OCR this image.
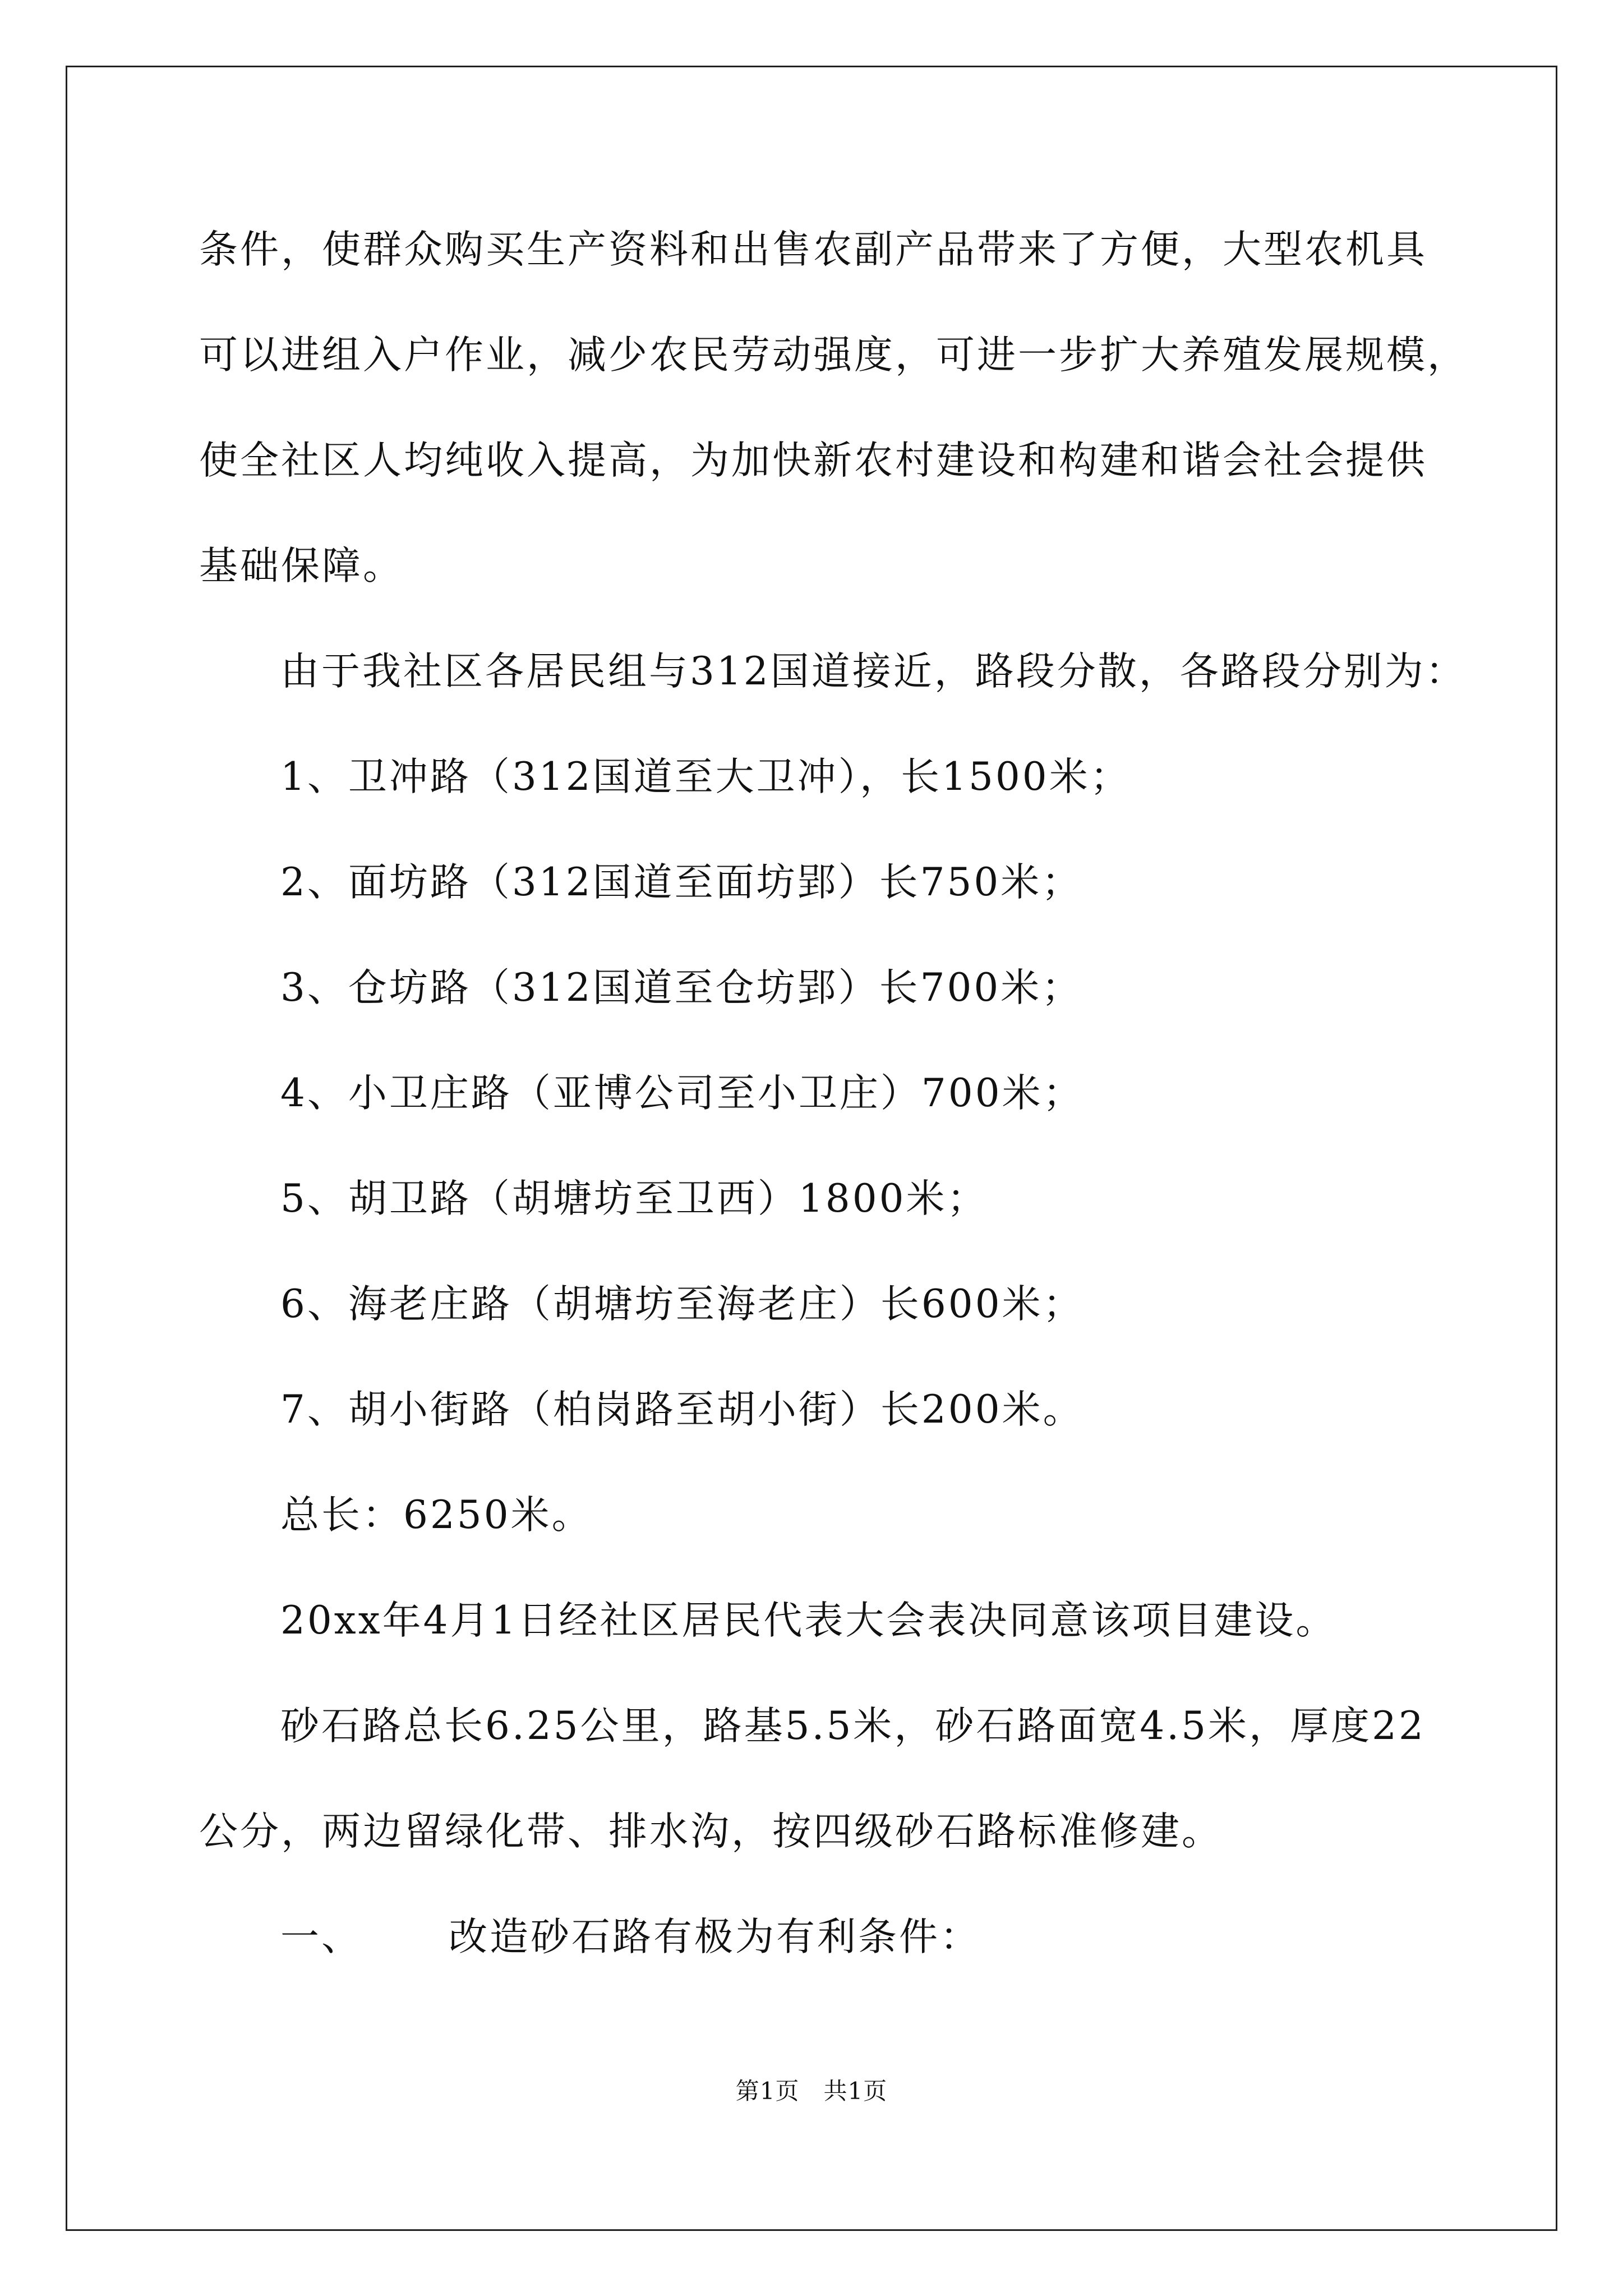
条件，使群众购买生产资料和出售农副产品带来了方便，大型农机具
可以进组入户作业，减少农民劳动强度，可进一步扩大养殖发展规模，
使全社区人均纯收入提高，为加快新农村建设和构建和谐会社会提供
基础保障。
由于我社区各居民组与312国道接近，路段分散，各路段分别为：
1、卫冲路（312国道至大卫冲），长1500米；
2、面坊路（312国道至面坊郢）长750米；
3、仓坊路（312国道至仓坊郢）长700米；
4、小卫庄路（亚博公司至小卫庄）700米；
5、胡卫路（胡塘坊至卫西）1800米；
6、海老庄路（胡塘坊至海老庄）长600米；
7、胡小街路（柏岗路至胡小街）长200米。
总长：6250米。
20xx年4月1日经社区居民代表大会表决同意该项目建设。
砂石路总长6.25公里，路基5.5米，砂石路面宽4.5米，厚度22
公分，两边留绿化带、排水沟，按四级砂石路标准修建。
一、 改造砂石路有极为有利条件：
第1页　共1页
